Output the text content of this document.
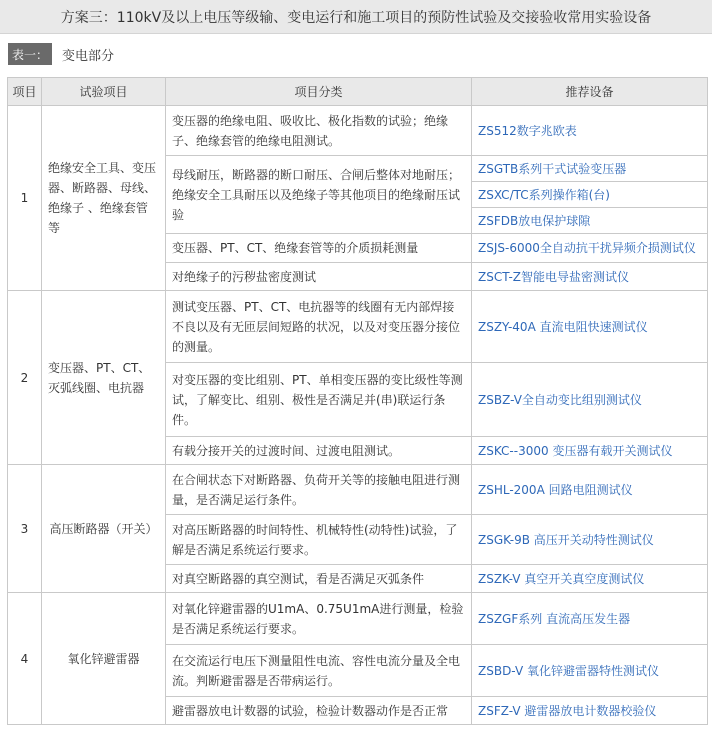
方案三：110kV及以上电压等级输、变电运行和施工项目的预防性试验及交接验收常用实验设备
表一：	变电部分
项目	试验项目	项目分类	推荐设备
1	绝缘安全工具、变压器、断路器、母线、绝缘子 、绝缘套管等	变压器的绝缘电阻、吸收比、极化指数的试验；绝缘子、绝缘套管的绝缘电阻测试。	ZS512数字兆欧表
		母线耐压，断路器的断口耐压、合闸后整体对地耐压；绝缘安全工具耐压以及绝缘子等其他项目的绝缘耐压试验	ZSGTB系列干式试验变压器
			ZSXC/TC系列操作箱(台)
			ZSFDB放电保护球隙
		变压器、PT、CT、绝缘套管等的介质损耗测量	ZSJS-6000全自动抗干扰异频介损测试仪
		对绝缘子的污秽盐密度测试	ZSCT-Z智能电导盐密测试仪
2	变压器、PT、CT、灭弧线圈、电抗器	测试变压器、PT、CT、电抗器等的线圈有无内部焊接不良以及有无匝层间短路的状况，以及对变压器分接位的测量。	ZSZY-40A 直流电阻快速测试仪
		对变压器的变比组别、PT、单相变压器的变比级性等测试，了解变比、组别、极性是否满足并(串)联运行条件。	ZSBZ-V全自动变比组别测试仪
		有载分接开关的过渡时间、过渡电阻测试。	ZSKC--3000 变压器有载开关测试仪
3	高压断路器（开关）	在合闸状态下对断路器、负荷开关等的接触电阻进行测量，是否满足运行条件。	ZSHL-200A 回路电阻测试仪
		对高压断路器的时间特性、机械特性(动特性)试验，了解是否满足系统运行要求。	ZSGK-9B 高压开关动特性测试仪
		对真空断路器的真空测试，看是否满足灭弧条件	ZSZK-V 真空开关真空度测试仪
4	氧化锌避雷器	对氧化锌避雷器的U1mA、0.75U1mA进行测量，检验是否满足系统运行要求。	ZSZGF系列 直流高压发生器
		在交流运行电压下测量阻性电流、容性电流分量及全电流。判断避雷器是否带病运行。	ZSBD-V 氧化锌避雷器特性测试仪
		避雷器放电计数器的试验，检验计数器动作是否正常	ZSFZ-V 避雷器放电计数器校验仪
